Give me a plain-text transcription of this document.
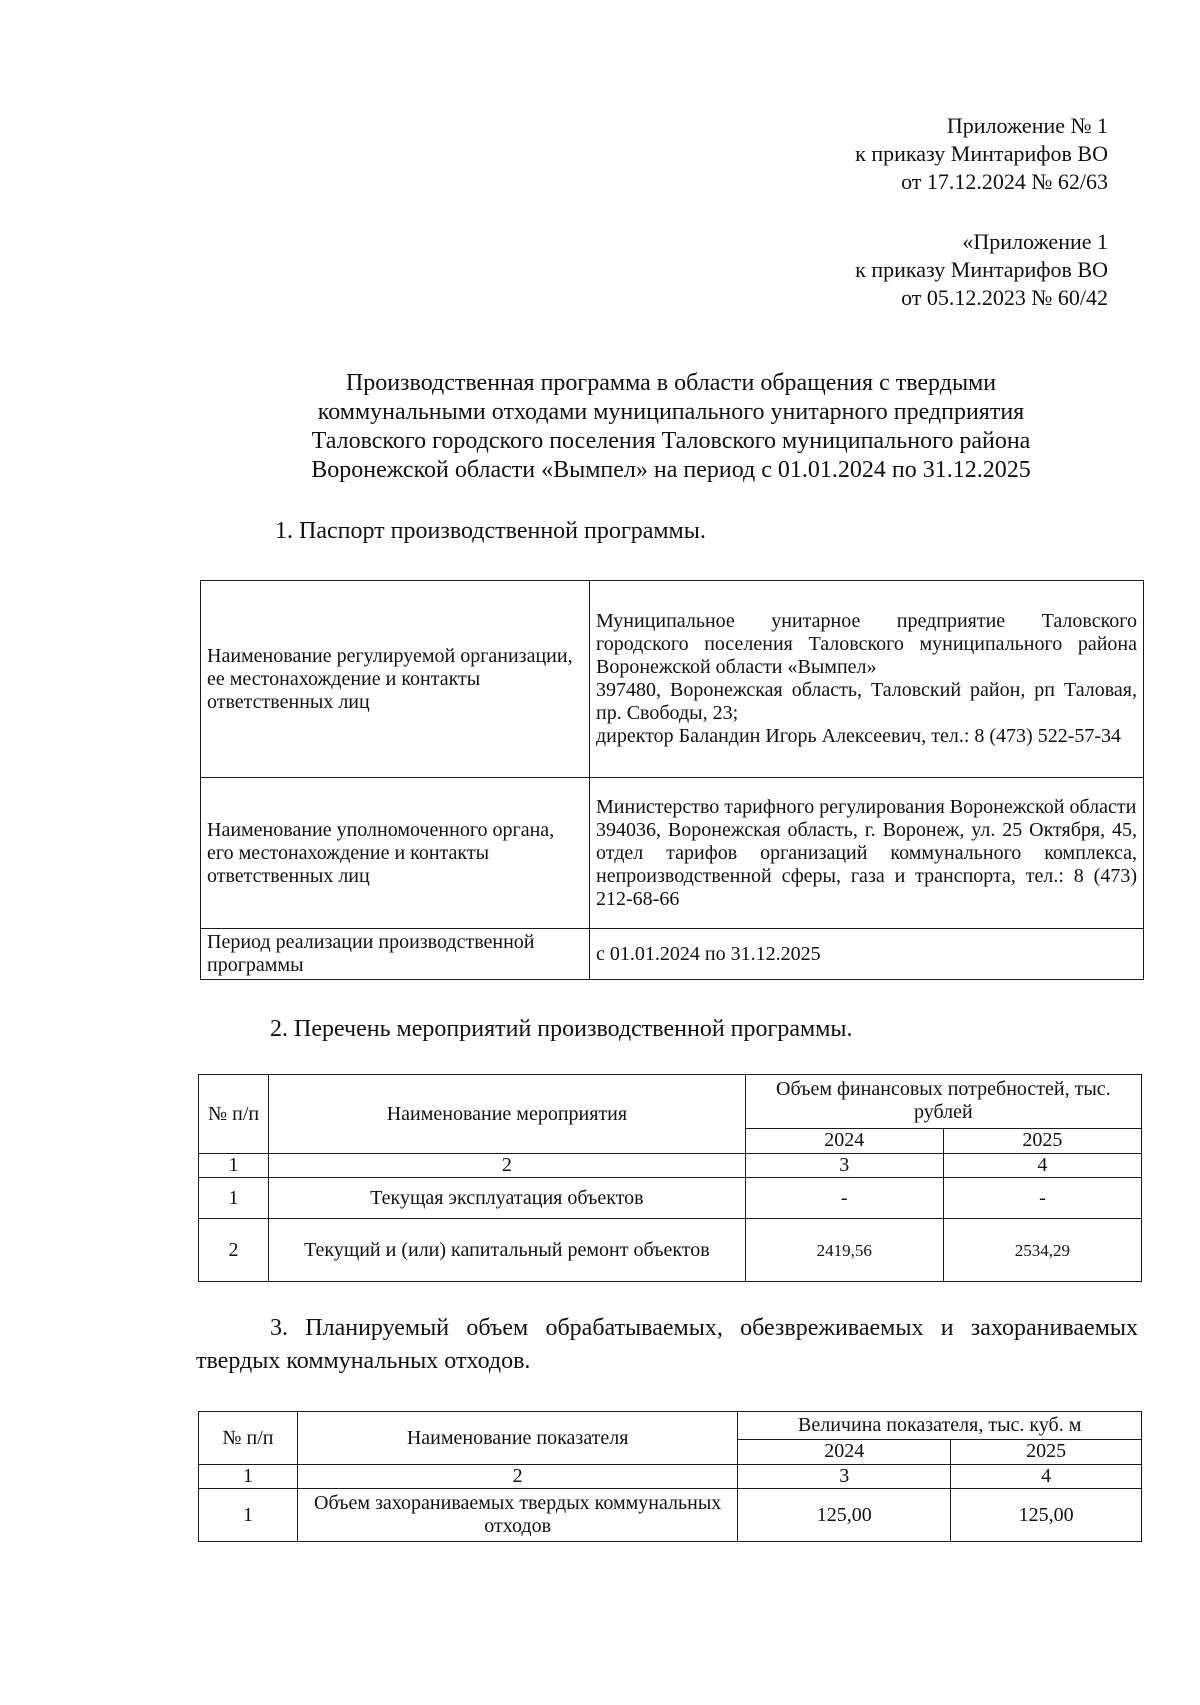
Приложение № 1
к приказу Минтарифов ВО
от 17.12.2024 № 62/63
«Приложение 1
к приказу Минтарифов ВО
от 05.12.2023 № 60/42
Производственная программа в области обращения с твердыми
коммунальными отходами муниципального унитарного предприятия
Таловского городского поселения Таловского муниципального района
Воронежской области «Вымпел» на период с 01.01.2024 по 31.12.2025
1. Паспорт производственной программы.
Наименование регулируемой организации, ее местонахождение и контакты ответственных лиц	Муниципальное унитарное предприятие Таловского городского поселения Таловского муниципального района Воронежской области «Вымпел»
397480, Воронежская область, Таловский район, рп Таловая, пр. Свободы, 23;
директор Баландин Игорь Алексеевич, тел.: 8 (473) 522-57-34

Наименование уполномоченного органа, его местонахождение и контакты ответственных лиц	Министерство тарифного регулирования Воронежской области
394036, Воронежская область, г. Воронеж, ул. 25 Октября, 45, отдел тарифов организаций коммунального комплекса, непроизводственной сферы, газа и транспорта, тел.: 8 (473) 212-68-66

Период реализации производственной программы	с 01.01.2024 по 31.12.2025
2. Перечень мероприятий производственной программы.
№ п/п	Наименование мероприятия	Объем финансовых потребностей, тыс. рублей	
		2024	2025
1	2	3	4
1	Текущая эксплуатация объектов	-	-
2	Текущий и (или) капитальный ремонт объектов	2419,56	2534,29
3. Планируемый объем обрабатываемых, обезвреживаемых и захораниваемых твердых коммунальных отходов.
№ п/п	Наименование показателя	Величина показателя, тыс. куб. м	
		2024	2025
1	2	3	4
1	Объем захораниваемых твердых коммунальных отходов	125,00	125,00
